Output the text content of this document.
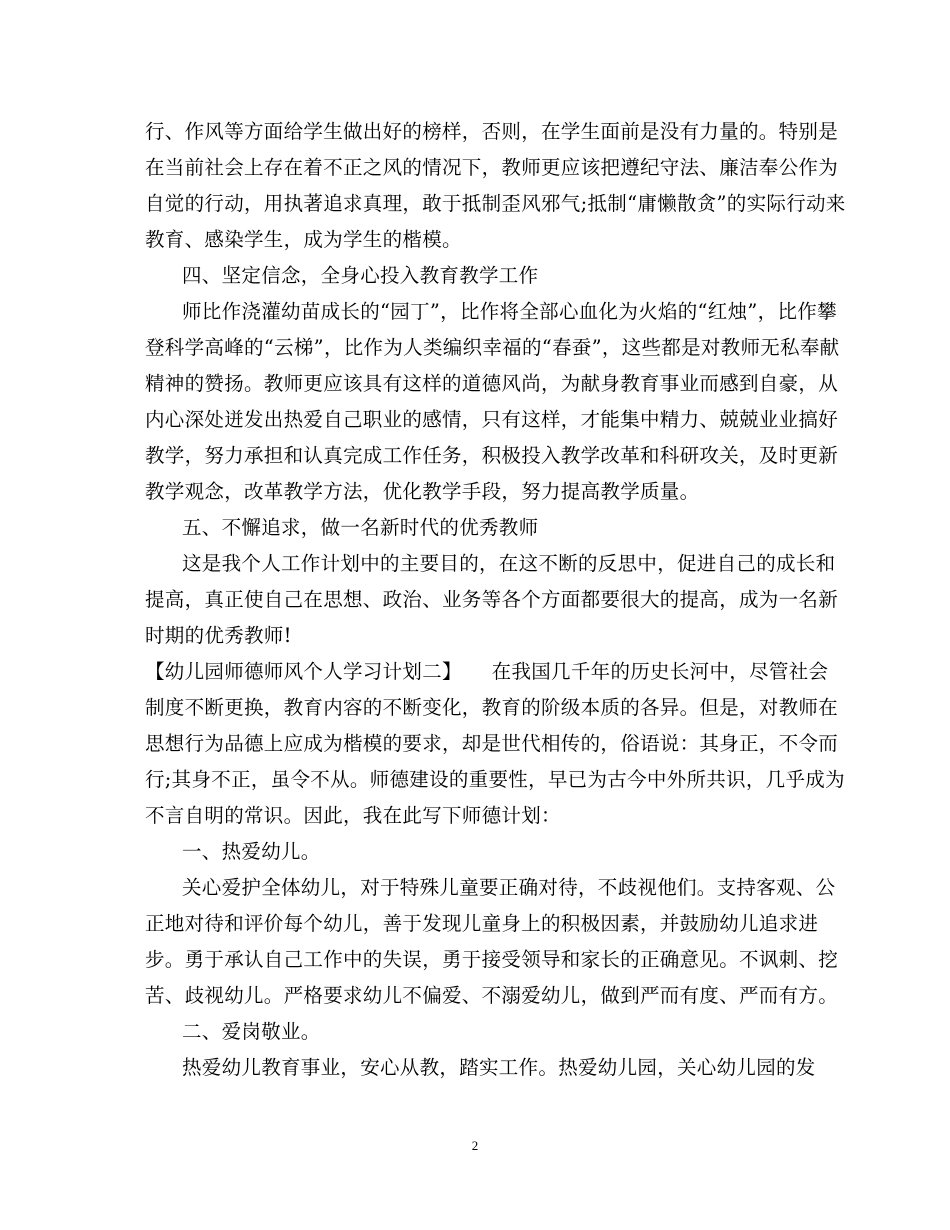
行、作风等方面给学生做出好的榜样，否则，在学生面前是没有力量的。特别是
在当前社会上存在着不正之风的情况下，教师更应该把遵纪守法、廉洁奉公作为
自觉的行动，用执著追求真理，敢于抵制歪风邪气;抵制“庸懒散贪”的实际行动来
教育、感染学生，成为学生的楷模。
四、坚定信念，全身心投入教育教学工作
师比作浇灌幼苗成长的“园丁”，比作将全部心血化为火焰的“红烛”，比作攀
登科学高峰的“云梯”，比作为人类编织幸福的“春蚕”，这些都是对教师无私奉献
精神的赞扬。教师更应该具有这样的道德风尚，为献身教育事业而感到自豪，从
内心深处迸发出热爱自己职业的感情，只有这样，才能集中精力、兢兢业业搞好
教学，努力承担和认真完成工作任务，积极投入教学改革和科研攻关，及时更新
教学观念，改革教学方法，优化教学手段，努力提高教学质量。
五、不懈追求，做一名新时代的优秀教师
这是我个人工作计划中的主要目的，在这不断的反思中，促进自己的成长和
提高，真正使自己在思想、政治、业务等各个方面都要很大的提高，成为一名新
时期的优秀教师!
【幼儿园师德师风个人学习计划二】　　在我国几千年的历史长河中，尽管社会
制度不断更换，教育内容的不断变化，教育的阶级本质的各异。但是，对教师在
思想行为品德上应成为楷模的要求，却是世代相传的，俗语说：其身正，不令而
行;其身不正，虽令不从。师德建设的重要性，早已为古今中外所共识，几乎成为
不言自明的常识。因此，我在此写下师德计划：
一、热爱幼儿。
关心爱护全体幼儿，对于特殊儿童要正确对待，不歧视他们。支持客观、公
正地对待和评价每个幼儿，善于发现儿童身上的积极因素，并鼓励幼儿追求进
步。勇于承认自己工作中的失误，勇于接受领导和家长的正确意见。不讽刺、挖
苦、歧视幼儿。严格要求幼儿不偏爱、不溺爱幼儿，做到严而有度、严而有方。
二、爱岗敬业。
热爱幼儿教育事业，安心从教，踏实工作。热爱幼儿园，关心幼儿园的发
2
